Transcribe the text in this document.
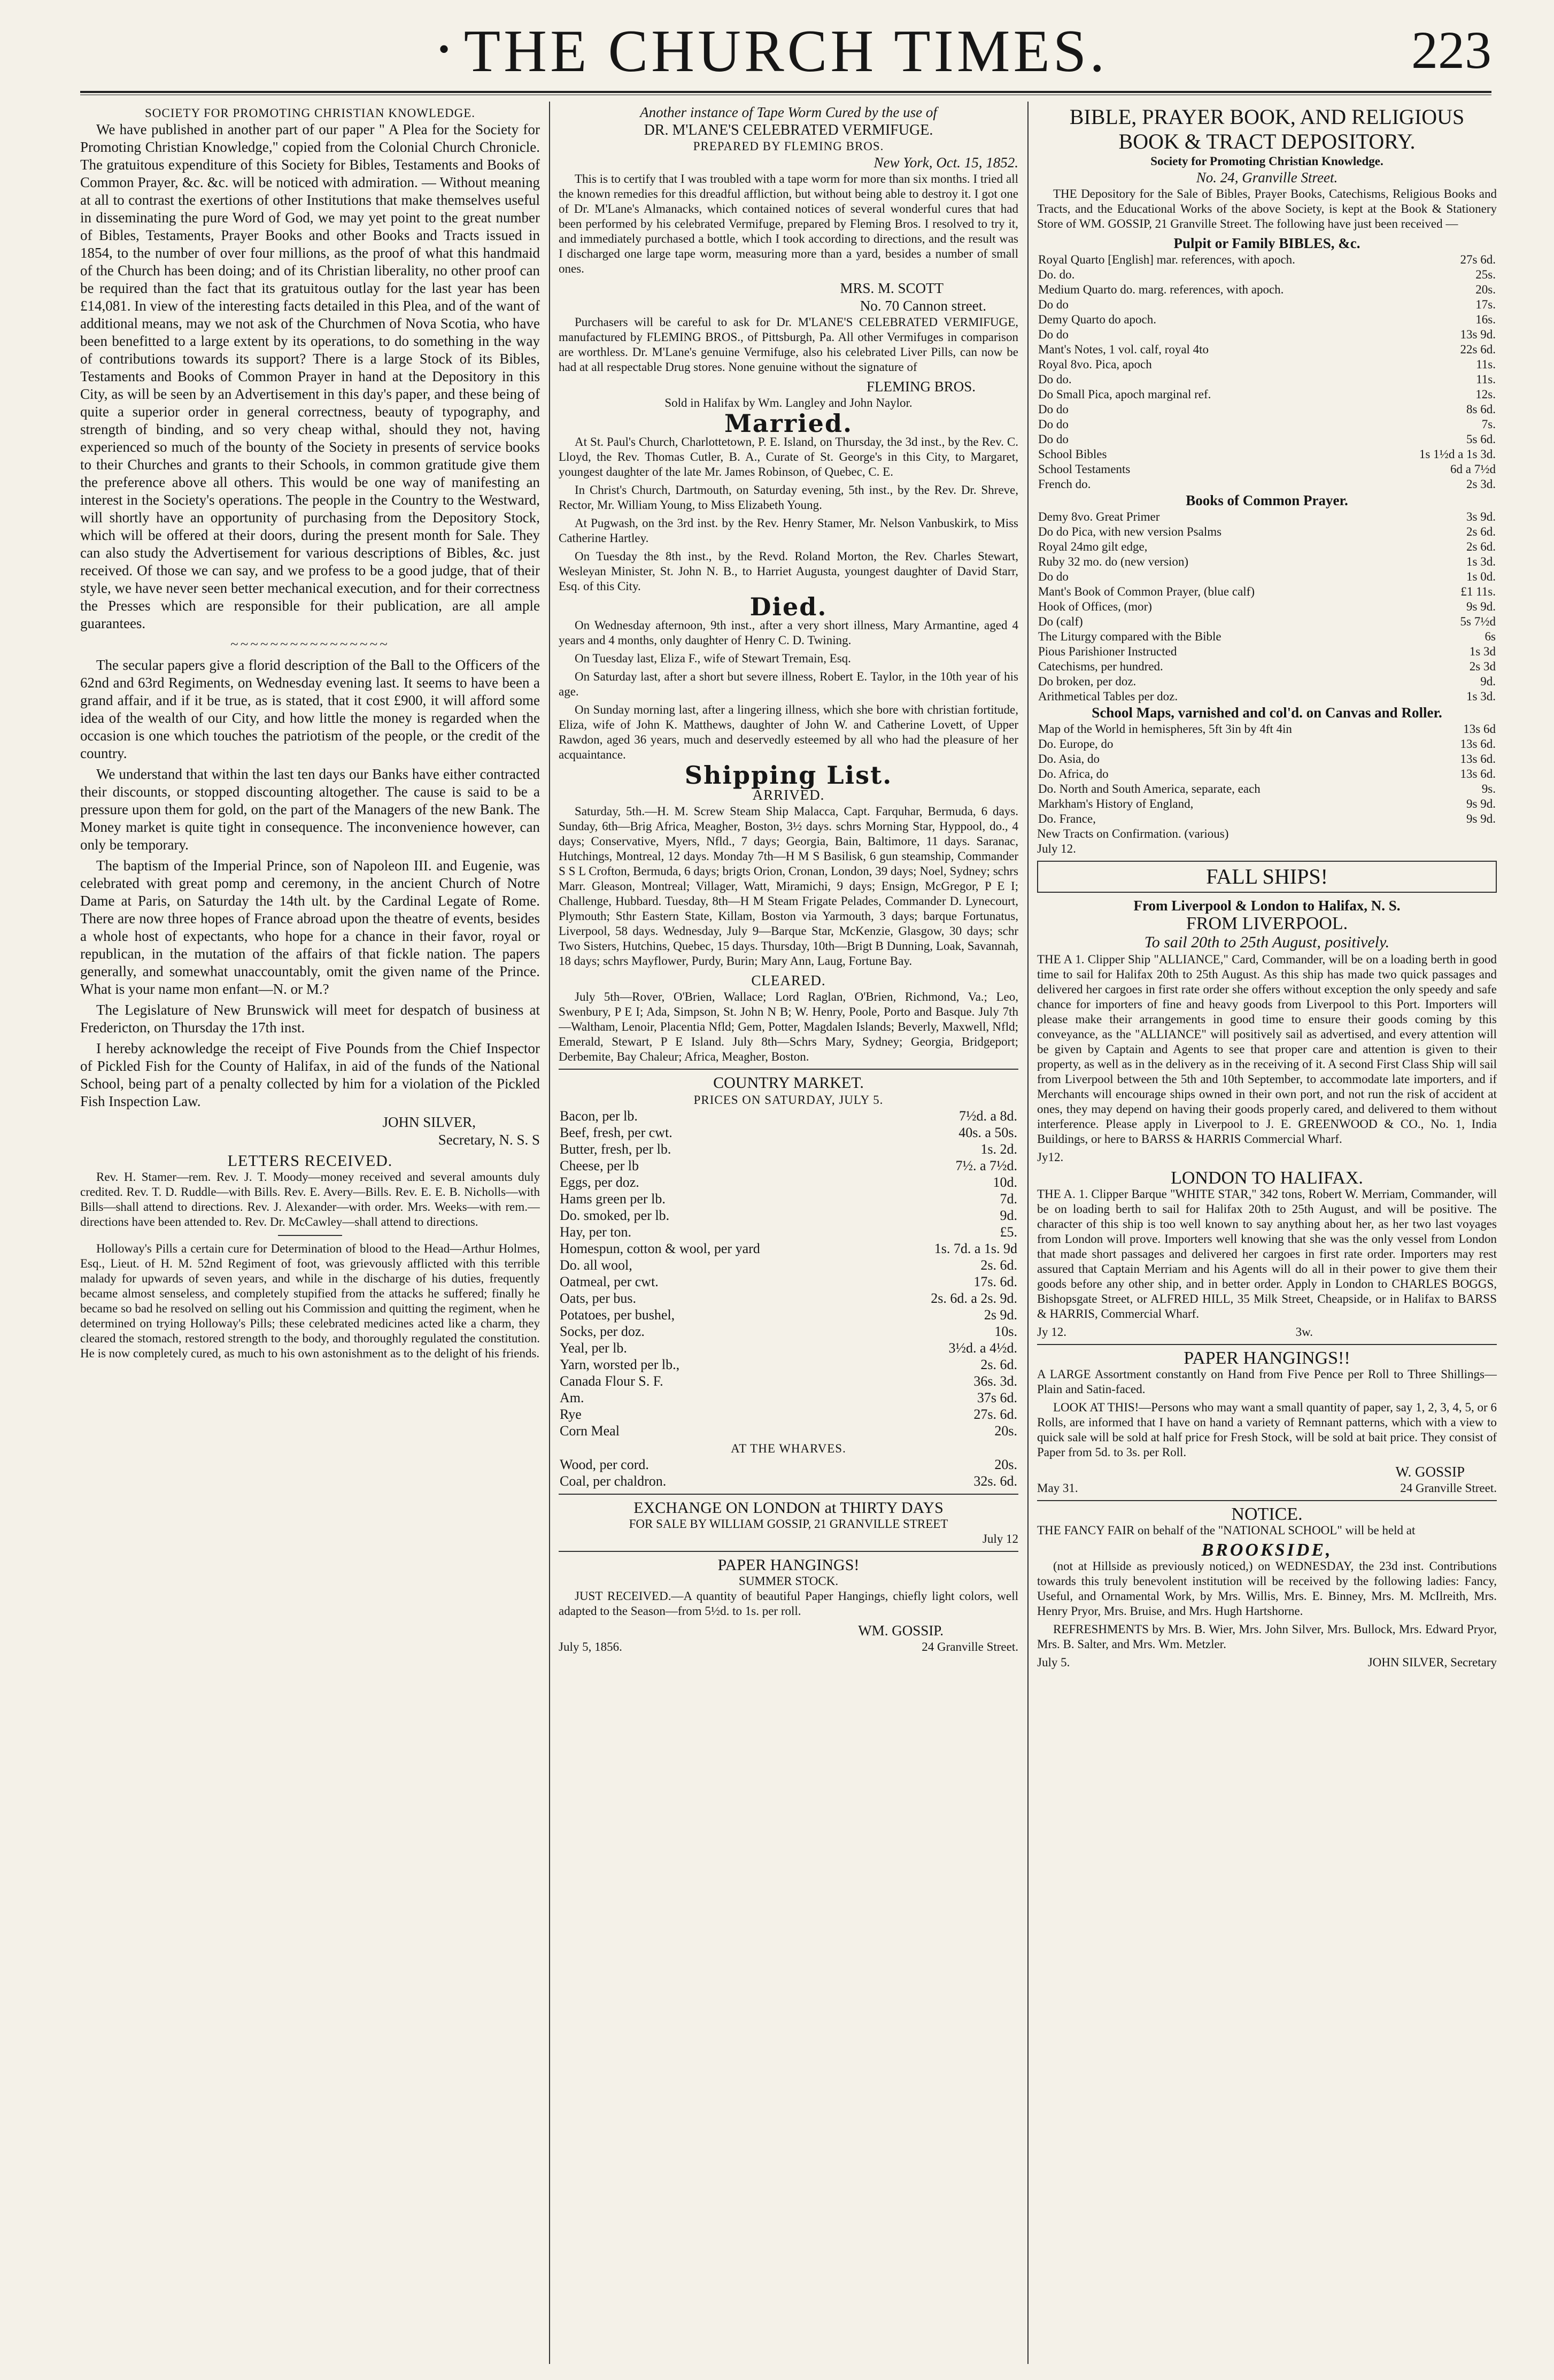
• THE CHURCH TIMES.	223
SOCIETY FOR PROMOTING CHRISTIAN KNOWLEDGE.

We have published in another part of our paper " A Plea for the Society for Promoting Christian Knowledge," copied from the Colonial Church Chronicle. The gratuitous expenditure of this Society for Bibles, Testaments and Books of Common Prayer, &c. &c. will be noticed with admiration. — Without meaning at all to contrast the exertions of other Institutions that make themselves useful in disseminating the pure Word of God, we may yet point to the great number of Bibles, Testaments, Prayer Books and other Books and Tracts issued in 1854, to the number of over four millions, as the proof of what this handmaid of the Church has been doing; and of its Christian liberality, no other proof can be required than the fact that its gratuitous outlay for the last year has been £14,081. In view of the interesting facts detailed in this Plea, and of the want of additional means, may we not ask of the Churchmen of Nova Scotia, who have been benefitted to a large extent by its operations, to do something in the way of contributions towards its support? There is a large Stock of its Bibles, Testaments and Books of Common Prayer in hand at the Depository in this City, as will be seen by an Advertisement in this day's paper, and these being of quite a superior order in general correctness, beauty of typography, and strength of binding, and so very cheap withal, should they not, having experienced so much of the bounty of the Society in presents of service books to their Churches and grants to their Schools, in common gratitude give them the preference above all others. This would be one way of manifesting an interest in the Society's operations. The people in the Country to the Westward, will shortly have an opportunity of purchasing from the Depository Stock, which will be offered at their doors, during the present month for Sale. They can also study the Advertisement for various descriptions of Bibles, &c. just received. Of those we can say, and we profess to be a good judge, that of their style, we have never seen better mechanical execution, and for their correctness the Presses which are responsible for their publication, are all ample guarantees.

~~~~~~~~~~~~~~~~

The secular papers give a florid description of the Ball to the Officers of the 62nd and 63rd Regiments, on Wednesday evening last. It seems to have been a grand affair, and if it be true, as is stated, that it cost £900, it will afford some idea of the wealth of our City, and how little the money is regarded when the occasion is one which touches the patriotism of the people, or the credit of the country.

We understand that within the last ten days our Banks have either contracted their discounts, or stopped discounting altogether. The cause is said to be a pressure upon them for gold, on the part of the Managers of the new Bank. The Money market is quite tight in consequence. The inconvenience however, can only be temporary.

The baptism of the Imperial Prince, son of Napoleon III. and Eugenie, was celebrated with great pomp and ceremony, in the ancient Church of Notre Dame at Paris, on Saturday the 14th ult. by the Cardinal Legate of Rome. There are now three hopes of France abroad upon the theatre of events, besides a whole host of expectants, who hope for a chance in their favor, royal or republican, in the mutation of the affairs of that fickle nation. The papers generally, and somewhat unaccountably, omit the given name of the Prince. What is your name mon enfant—N. or M.?

The Legislature of New Brunswick will meet for despatch of business at Fredericton, on Thursday the 17th inst.

I hereby acknowledge the receipt of Five Pounds from the Chief Inspector of Pickled Fish for the County of Halifax, in aid of the funds of the National School, being part of a penalty collected by him for a violation of the Pickled Fish Inspection Law.

JOHN SILVER,
Secretary, N. S. S
LETTERS RECEIVED.

Rev. H. Stamer—rem. Rev. J. T. Moody—money received and several amounts duly credited. Rev. T. D. Ruddle—with Bills. Rev. E. Avery—Bills. Rev. E. E. B. Nicholls—with Bills—shall attend to directions. Rev. J. Alexander—with order. Mrs. Weeks—with rem.—directions have been attended to. Rev. Dr. McCawley—shall attend to directions.

Holloway's Pills a certain cure for Determination of blood to the Head—Arthur Holmes, Esq., Lieut. of H. M. 52nd Regiment of foot, was grievously afflicted with this terrible malady for upwards of seven years, and while in the discharge of his duties, frequently became almost senseless, and completely stupified from the attacks he suffered; finally he became so bad he resolved on selling out his Commission and quitting the regiment, when he determined on trying Holloway's Pills; these celebrated medicines acted like a charm, they cleared the stomach, restored strength to the body, and thoroughly regulated the constitution. He is now completely cured, as much to his own astonishment as to the delight of his friends.

Another instance of Tape Worm Cured by the use of
DR. M'LANE'S CELEBRATED VERMIFUGE.
PREPARED BY FLEMING BROS.
New York, Oct. 15, 1852.

This is to certify that I was troubled with a tape worm for more than six months. I tried all the known remedies for this dreadful affliction, but without being able to destroy it. I got one of Dr. M'Lane's Almanacks, which contained notices of several wonderful cures that had been performed by his celebrated Vermifuge, prepared by Fleming Bros. I resolved to try it, and immediately purchased a bottle, which I took according to directions, and the result was I discharged one large tape worm, measuring more than a yard, besides a number of small ones.

MRS. M. SCOTT
No. 70 Cannon street.

Purchasers will be careful to ask for Dr. M'LANE'S CELEBRATED VERMIFUGE, manufactured by FLEMING BROS., of Pittsburgh, Pa. All other Vermifuges in comparison are worthless. Dr. M'Lane's genuine Vermifuge, also his celebrated Liver Pills, can now be had at all respectable Drug stores. None genuine without the signature of

FLEMING BROS.
Sold in Halifax by Wm. Langley and John Naylor.
Married.

At St. Paul's Church, Charlottetown, P. E. Island, on Thursday, the 3d inst., by the Rev. C. Lloyd, the Rev. Thomas Cutler, B. A., Curate of St. George's in this City, to Margaret, youngest daughter of the late Mr. James Robinson, of Quebec, C. E.

In Christ's Church, Dartmouth, on Saturday evening, 5th inst., by the Rev. Dr. Shreve, Rector, Mr. William Young, to Miss Elizabeth Young.

At Pugwash, on the 3rd inst. by the Rev. Henry Stamer, Mr. Nelson Vanbuskirk, to Miss Catherine Hartley.

On Tuesday the 8th inst., by the Revd. Roland Morton, the Rev. Charles Stewart, Wesleyan Minister, St. John N. B., to Harriet Augusta, youngest daughter of David Starr, Esq. of this City.

Died.

On Wednesday afternoon, 9th inst., after a very short illness, Mary Armantine, aged 4 years and 4 months, only daughter of Henry C. D. Twining.

On Tuesday last, Eliza F., wife of Stewart Tremain, Esq.

On Saturday last, after a short but severe illness, Robert E. Taylor, in the 10th year of his age.

On Sunday morning last, after a lingering illness, which she bore with christian fortitude, Eliza, wife of John K. Matthews, daughter of John W. and Catherine Lovett, of Upper Rawdon, aged 36 years, much and deservedly esteemed by all who had the pleasure of her acquaintance.

Shipping List.
ARRIVED.

Saturday, 5th.—H. M. Screw Steam Ship Malacca, Capt. Farquhar, Bermuda, 6 days. Sunday, 6th—Brig Africa, Meagher, Boston, 3½ days. schrs Morning Star, Hyppool, do., 4 days; Conservative, Myers, Nfld., 7 days; Georgia, Bain, Baltimore, 11 days. Saranac, Hutchings, Montreal, 12 days. Monday 7th—H M S Basilisk, 6 gun steamship, Commander S S L Crofton, Bermuda, 6 days; brigts Orion, Cronan, London, 39 days; Noel, Sydney; schrs Marr. Gleason, Montreal; Villager, Watt, Miramichi, 9 days; Ensign, McGregor, P E I; Challenge, Hubbard. Tuesday, 8th—H M Steam Frigate Pelades, Commander D. Lynecourt, Plymouth; Sthr Eastern State, Killam, Boston via Yarmouth, 3 days; barque Fortunatus, Liverpool, 58 days. Wednesday, July 9—Barque Star, McKenzie, Glasgow, 30 days; schr Two Sisters, Hutchins, Quebec, 15 days. Thursday, 10th—Brigt B Dunning, Loak, Savannah, 18 days; schrs Mayflower, Purdy, Burin; Mary Ann, Laug, Fortune Bay.

CLEARED.

July 5th—Rover, O'Brien, Wallace; Lord Raglan, O'Brien, Richmond, Va.; Leo, Swenbury, P E I; Ada, Simpson, St. John N B; W. Henry, Poole, Porto and Basque. July 7th—Waltham, Lenoir, Placentia Nfld; Gem, Potter, Magdalen Islands; Beverly, Maxwell, Nfld; Emerald, Stewart, P E Island. July 8th—Schrs Mary, Sydney; Georgia, Bridgeport; Derbemite, Bay Chaleur; Africa, Meagher, Boston.

COUNTRY MARKET.
PRICES ON SATURDAY, JULY 5.
Bacon, per lb.	7½d. a 8d.
Beef, fresh, per cwt.	40s. a 50s.
Butter, fresh, per lb.	1s. 2d.
Cheese, per lb	7½. a 7½d.
Eggs, per doz.	10d.
Hams green per lb.	7d.
Do. smoked, per lb.	9d.
Hay, per ton.	£5.
Homespun, cotton & wool, per yard	1s. 7d. a 1s. 9d
Do. all wool,	2s. 6d.
Oatmeal, per cwt.	17s. 6d.
Oats, per bus.	2s. 6d. a 2s. 9d.
Potatoes, per bushel,	2s 9d.
Socks, per doz.	10s.
Yeal, per lb.	3½d. a 4½d.
Yarn, worsted per lb.,	2s. 6d.
Canada Flour S. F.	36s. 3d.
Am.	37s 6d.
Rye	27s. 6d.
Corn Meal	20s.
AT THE WHARVES.
Wood, per cord.	20s.
Coal, per chaldron.	32s. 6d.
EXCHANGE ON LONDON at THIRTY DAYS
FOR SALE BY WILLIAM GOSSIP, 21 GRANVILLE STREET
July 12
PAPER HANGINGS!
SUMMER STOCK.

JUST RECEIVED.—A quantity of beautiful Paper Hangings, chiefly light colors, well adapted to the Season—from 5½d. to 1s. per roll.

WM. GOSSIP.
July 5, 1856.	24 Granville Street.
BIBLE, PRAYER BOOK, AND RELIGIOUS BOOK & TRACT DEPOSITORY.
Society for Promoting Christian Knowledge.
No. 24, Granville Street.

THE Depository for the Sale of Bibles, Prayer Books, Catechisms, Religious Books and Tracts, and the Educational Works of the above Society, is kept at the Book & Stationery Store of WM. GOSSIP, 21 Granville Street. The following have just been received —

Pulpit or Family BIBLES, &c.
Royal Quarto [English] mar. references, with apoch.	27s 6d.
Do. do.	25s.
Medium Quarto do. marg. references, with apoch.	20s.
Do do	17s.
Demy Quarto do apoch.	16s.
Do do	13s 9d.
Mant's Notes, 1 vol. calf, royal 4to	22s 6d.
Royal 8vo. Pica, apoch	11s.
Do do.	11s.
Do Small Pica, apoch marginal ref.	12s.
Do do	8s 6d.
Do do	7s.
Do do	5s 6d.
School Bibles	1s 1½d a 1s 3d.
School Testaments	6d a 7½d
French do.	2s 3d.
Books of Common Prayer.
Demy 8vo. Great Primer	3s 9d.
Do do Pica, with new version Psalms	2s 6d.
Royal 24mo gilt edge,	2s 6d.
Ruby 32 mo. do (new version)	1s 3d.
Do do	1s 0d.
Mant's Book of Common Prayer, (blue calf)	£1 11s.
Hook of Offices, (mor)	9s 9d.
Do (calf)	5s 7½d
The Liturgy compared with the Bible	6s
Pious Parishioner Instructed	1s 3d
Catechisms, per hundred.	2s 3d
Do broken, per doz.	9d.
Arithmetical Tables per doz.	1s 3d.
School Maps, varnished and col'd. on Canvas and Roller.
Map of the World in hemispheres, 5ft 3in by 4ft 4in	13s 6d
Do. Europe, do	13s 6d.
Do. Asia, do	13s 6d.
Do. Africa, do	13s 6d.
Do. North and South America, separate, each	9s.
Markham's History of England,	9s 9d.
Do. France,	9s 9d.
New Tracts on Confirmation. (various)
July 12.
FALL SHIPS!
From Liverpool & London to Halifax, N. S.
FROM LIVERPOOL.
To sail 20th to 25th August, positively.

THE A 1. Clipper Ship "ALLIANCE," Card, Commander, will be on a loading berth in good time to sail for Halifax 20th to 25th August. As this ship has made two quick passages and delivered her cargoes in first rate order she offers without exception the only speedy and safe chance for importers of fine and heavy goods from Liverpool to this Port. Importers will please make their arrangements in good time to ensure their goods coming by this conveyance, as the "ALLIANCE" will positively sail as advertised, and every attention will be given by Captain and Agents to see that proper care and attention is given to their property, as well as in the delivery as in the receiving of it. A second First Class Ship will sail from Liverpool between the 5th and 10th September, to accommodate late importers, and if Merchants will encourage ships owned in their own port, and not run the risk of accident at ones, they may depend on having their goods properly cared, and delivered to them without interference. Please apply in Liverpool to J. E. GREENWOOD & CO., No. 1, India Buildings, or here to BARSS & HARRIS Commercial Wharf.

Jy12.
LONDON TO HALIFAX.

THE A. 1. Clipper Barque "WHITE STAR," 342 tons, Robert W. Merriam, Commander, will be on loading berth to sail for Halifax 20th to 25th August, and will be positive. The character of this ship is too well known to say anything about her, as her two last voyages from London will prove. Importers well knowing that she was the only vessel from London that made short passages and delivered her cargoes in first rate order. Importers may rest assured that Captain Merriam and his Agents will do all in their power to give them their goods before any other ship, and in better order. Apply in London to CHARLES BOGGS, Bishopsgate Street, or ALFRED HILL, 35 Milk Street, Cheapside, or in Halifax to BARSS & HARRIS, Commercial Wharf.

Jy 12.	3w.
PAPER HANGINGS!!

A LARGE Assortment constantly on Hand from Five Pence per Roll to Three Shillings—Plain and Satin-faced.

LOOK AT THIS!—Persons who may want a small quantity of paper, say 1, 2, 3, 4, 5, or 6 Rolls, are informed that I have on hand a variety of Remnant patterns, which with a view to quick sale will be sold at half price for Fresh Stock, will be sold at bait price. They consist of Paper from 5d. to 3s. per Roll.

W. GOSSIP
May 31.	24 Granville Street.
NOTICE.

THE FANCY FAIR on behalf of the "NATIONAL SCHOOL" will be held at

BROOKSIDE,

(not at Hillside as previously noticed,) on WEDNESDAY, the 23d inst. Contributions towards this truly benevolent institution will be received by the following ladies: Fancy, Useful, and Ornamental Work, by Mrs. Willis, Mrs. E. Binney, Mrs. M. McIlreith, Mrs. Henry Pryor, Mrs. Bruise, and Mrs. Hugh Hartshorne.

REFRESHMENTS by Mrs. B. Wier, Mrs. John Silver, Mrs. Bullock, Mrs. Edward Pryor, Mrs. B. Salter, and Mrs. Wm. Metzler.

July 5.	JOHN SILVER, Secretary
